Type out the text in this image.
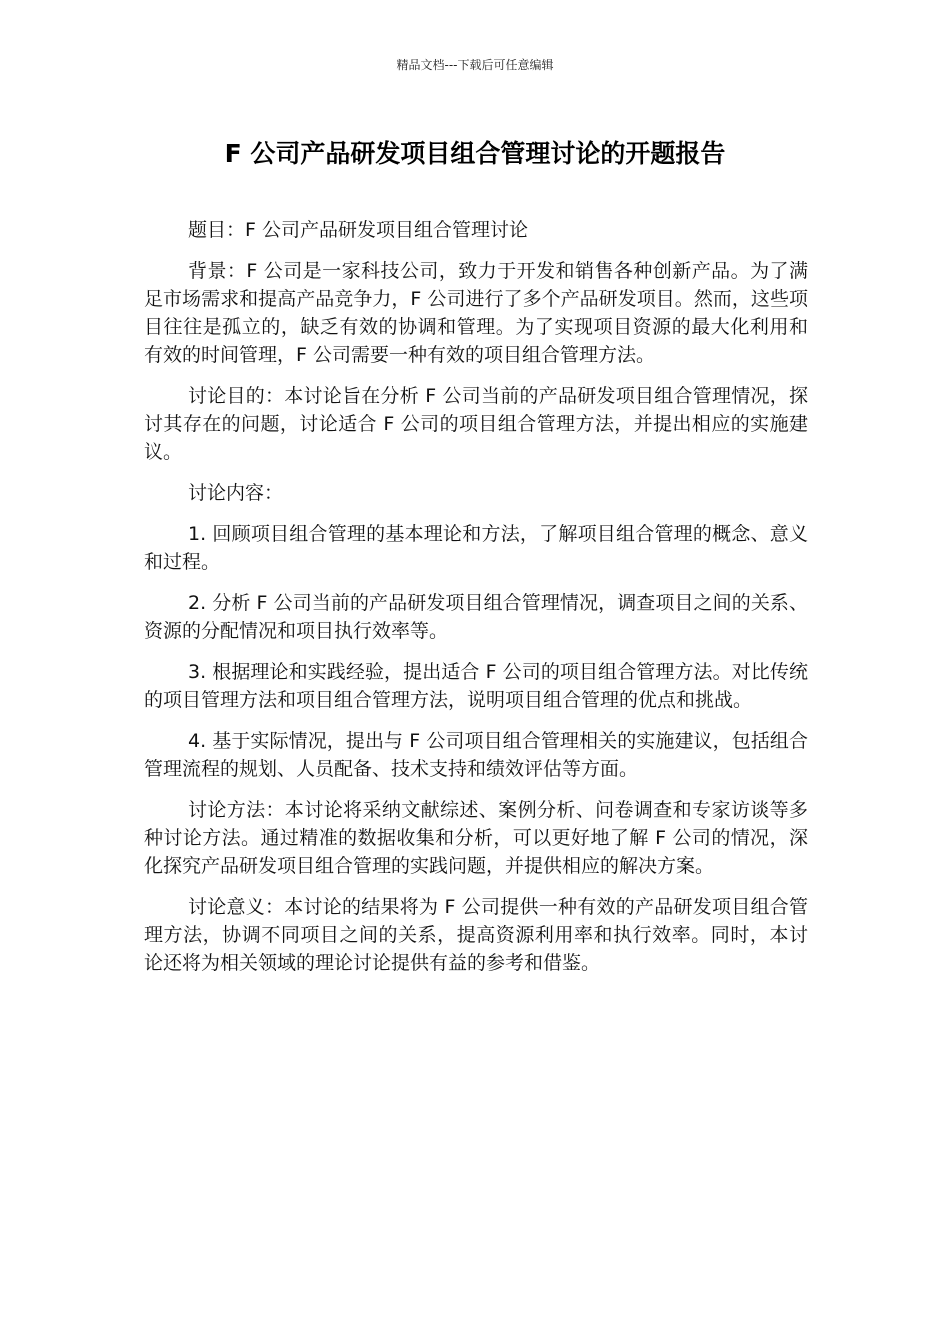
精品文档---下载后可任意编辑
F 公司产品研发项目组合管理讨论的开题报告

题目：F 公司产品研发项目组合管理讨论

背景：F 公司是一家科技公司，致力于开发和销售各种创新产品。为了满足市场需求和提高产品竞争力，F 公司进行了多个产品研发项目。然而，这些项目往往是孤立的，缺乏有效的协调和管理。为了实现项目资源的最大化利用和有效的时间管理，F 公司需要一种有效的项目组合管理方法。

讨论目的：本讨论旨在分析 F 公司当前的产品研发项目组合管理情况，探讨其存在的问题，讨论适合 F 公司的项目组合管理方法，并提出相应的实施建议。

讨论内容：

1. 回顾项目组合管理的基本理论和方法，了解项目组合管理的概念、意义和过程。

2. 分析 F 公司当前的产品研发项目组合管理情况，调查项目之间的关系、资源的分配情况和项目执行效率等。

3. 根据理论和实践经验，提出适合 F 公司的项目组合管理方法。对比传统的项目管理方法和项目组合管理方法，说明项目组合管理的优点和挑战。

4. 基于实际情况，提出与 F 公司项目组合管理相关的实施建议，包括组合管理流程的规划、人员配备、技术支持和绩效评估等方面。

讨论方法：本讨论将采纳文献综述、案例分析、问卷调查和专家访谈等多种讨论方法。通过精准的数据收集和分析，可以更好地了解 F 公司的情况，深化探究产品研发项目组合管理的实践问题，并提供相应的解决方案。

讨论意义：本讨论的结果将为 F 公司提供一种有效的产品研发项目组合管理方法，协调不同项目之间的关系，提高资源利用率和执行效率。同时，本讨论还将为相关领域的理论讨论提供有益的参考和借鉴。
